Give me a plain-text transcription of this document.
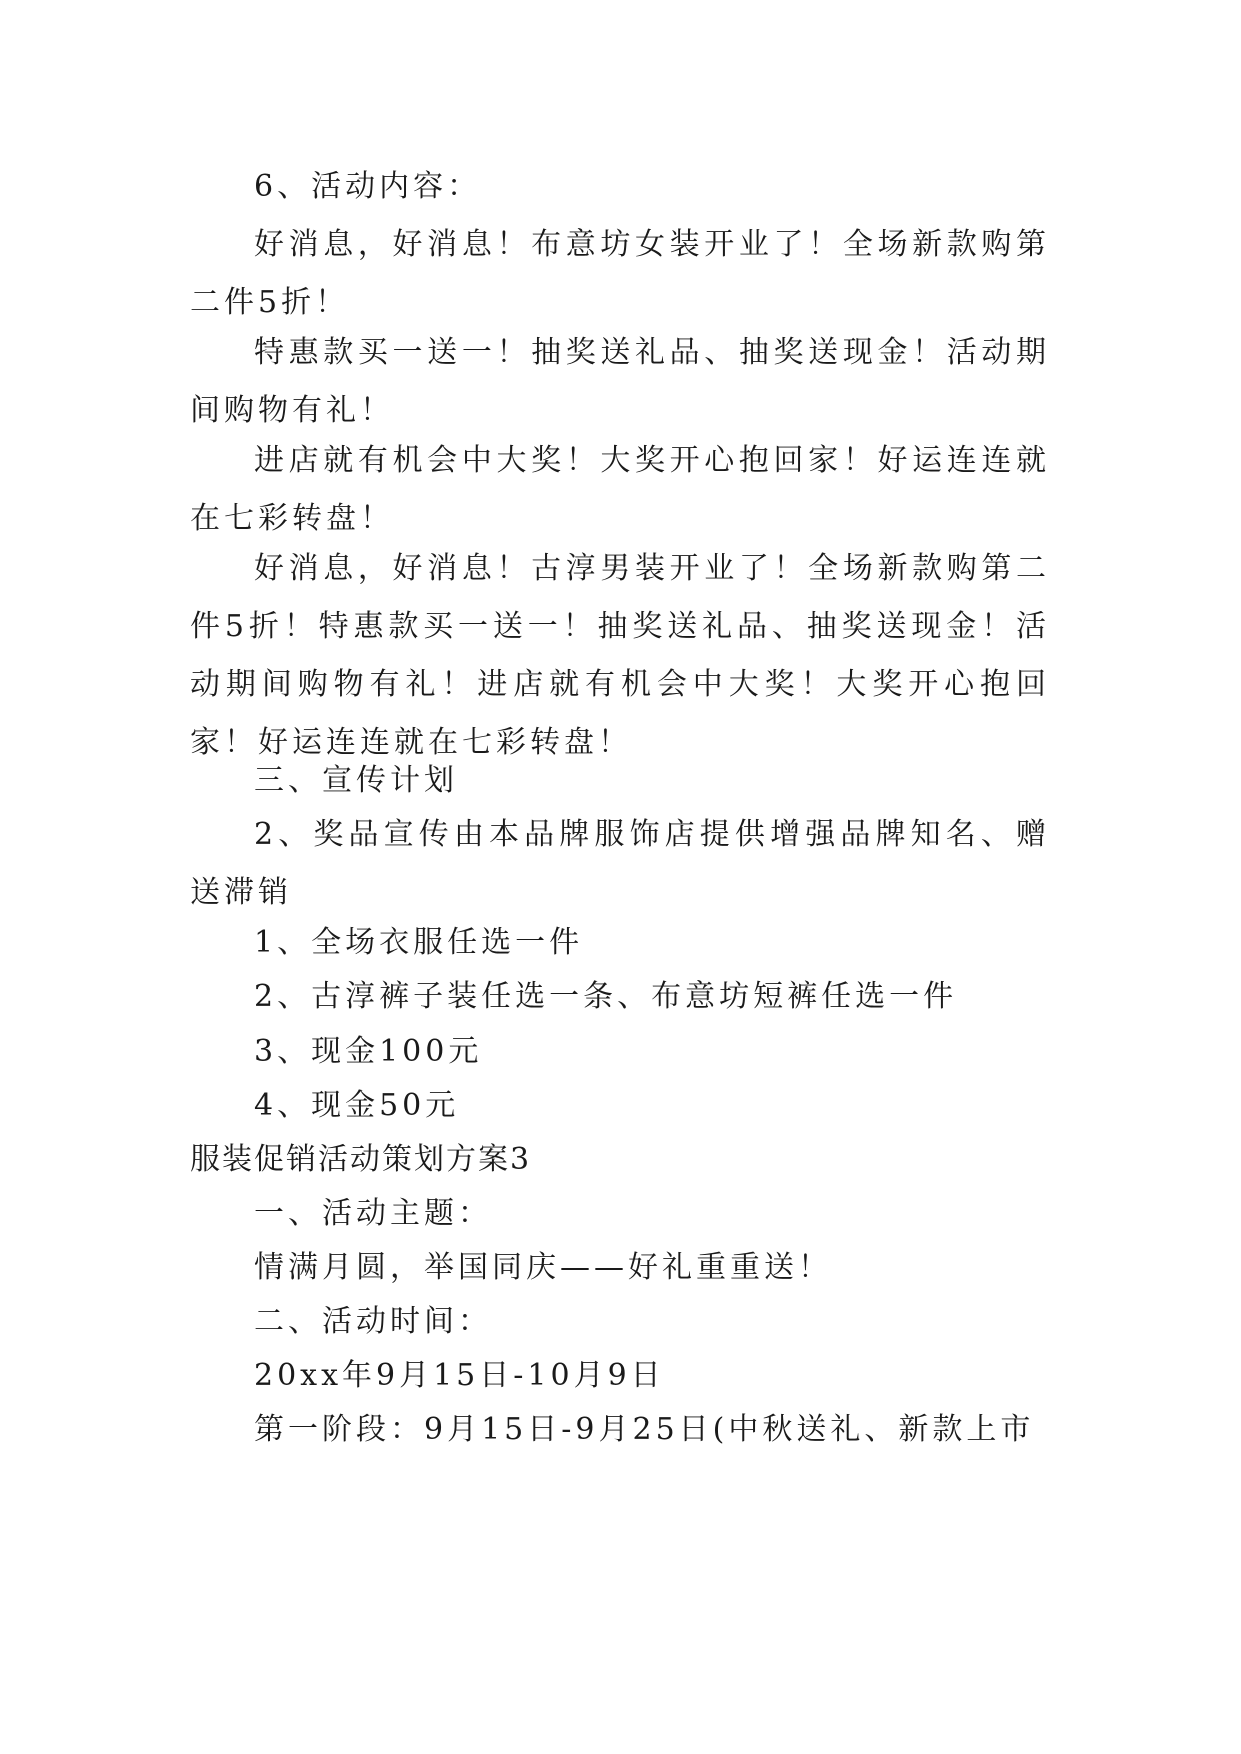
6、活动内容：

好消息，好消息！布意坊女装开业了！全场新款购第二件5折！

特惠款买一送一！抽奖送礼品、抽奖送现金！活动期间购物有礼！

进店就有机会中大奖！大奖开心抱回家！好运连连就在七彩转盘！

好消息，好消息！古淳男装开业了！全场新款购第二件5折！特惠款买一送一！抽奖送礼品、抽奖送现金！活动期间购物有礼！进店就有机会中大奖！大奖开心抱回家！好运连连就在七彩转盘！

三、宣传计划

2、奖品宣传由本品牌服饰店提供增强品牌知名、赠送滞销

1、全场衣服任选一件

2、古淳裤子装任选一条、布意坊短裤任选一件

3、现金100元

4、现金50元

服装促销活动策划方案3

一、活动主题：

情满月圆，举国同庆——好礼重重送！

二、活动时间：

20xx年9月15日-10月9日

第一阶段：9月15日-9月25日(中秋送礼、新款上市
